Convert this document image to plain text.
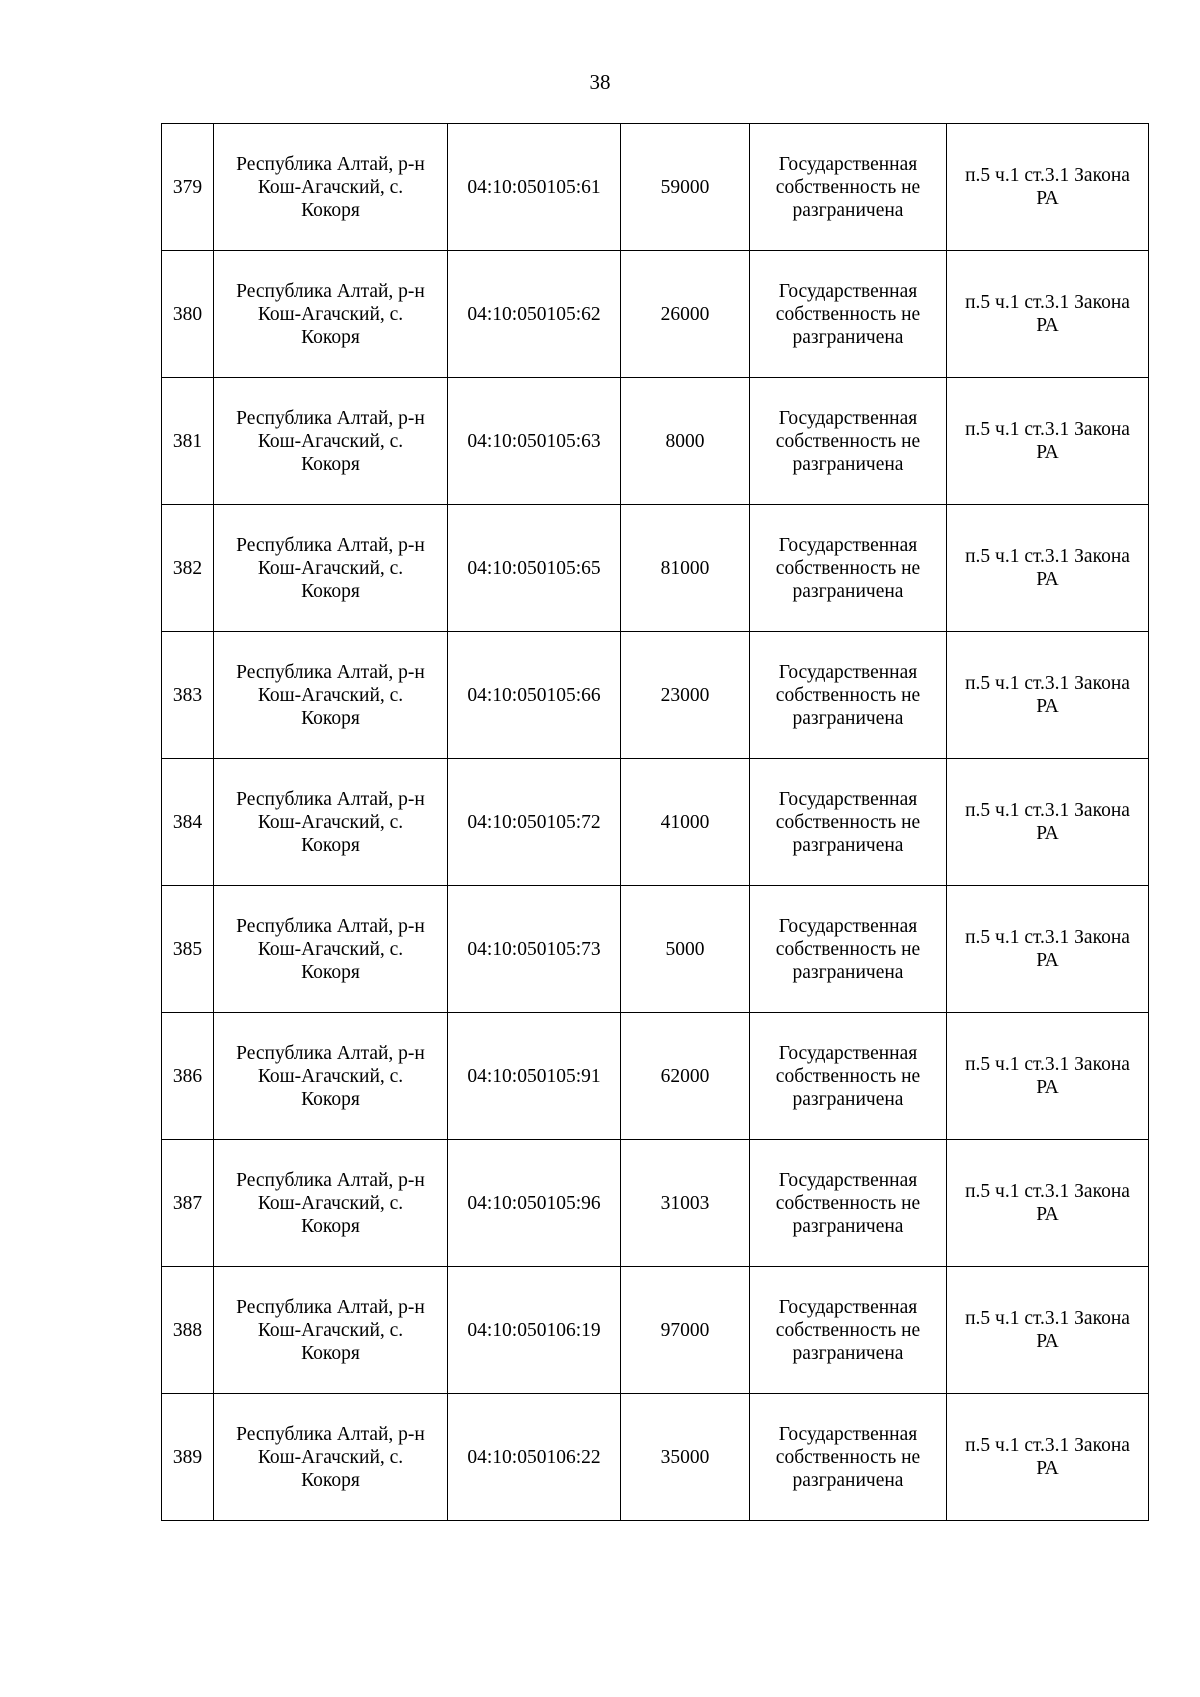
38
379	Республика Алтай, р-н
Кош-Агачский, с.
Кокоря	04:10:050105:61	59000	Государственная
собственность не
разграничена	п.5 ч.1 ст.3.1 Закона
РА

380	Республика Алтай, р-н
Кош-Агачский, с.
Кокоря	04:10:050105:62	26000	Государственная
собственность не
разграничена	п.5 ч.1 ст.3.1 Закона
РА

381	Республика Алтай, р-н
Кош-Агачский, с.
Кокоря	04:10:050105:63	8000	Государственная
собственность не
разграничена	п.5 ч.1 ст.3.1 Закона
РА

382	Республика Алтай, р-н
Кош-Агачский, с.
Кокоря	04:10:050105:65	81000	Государственная
собственность не
разграничена	п.5 ч.1 ст.3.1 Закона
РА

383	Республика Алтай, р-н
Кош-Агачский, с.
Кокоря	04:10:050105:66	23000	Государственная
собственность не
разграничена	п.5 ч.1 ст.3.1 Закона
РА

384	Республика Алтай, р-н
Кош-Агачский, с.
Кокоря	04:10:050105:72	41000	Государственная
собственность не
разграничена	п.5 ч.1 ст.3.1 Закона
РА

385	Республика Алтай, р-н
Кош-Агачский, с.
Кокоря	04:10:050105:73	5000	Государственная
собственность не
разграничена	п.5 ч.1 ст.3.1 Закона
РА

386	Республика Алтай, р-н
Кош-Агачский, с.
Кокоря	04:10:050105:91	62000	Государственная
собственность не
разграничена	п.5 ч.1 ст.3.1 Закона
РА

387	Республика Алтай, р-н
Кош-Агачский, с.
Кокоря	04:10:050105:96	31003	Государственная
собственность не
разграничена	п.5 ч.1 ст.3.1 Закона
РА

388	Республика Алтай, р-н
Кош-Агачский, с.
Кокоря	04:10:050106:19	97000	Государственная
собственность не
разграничена	п.5 ч.1 ст.3.1 Закона
РА

389	Республика Алтай, р-н
Кош-Агачский, с.
Кокоря	04:10:050106:22	35000	Государственная
собственность не
разграничена	п.5 ч.1 ст.3.1 Закона
РА
